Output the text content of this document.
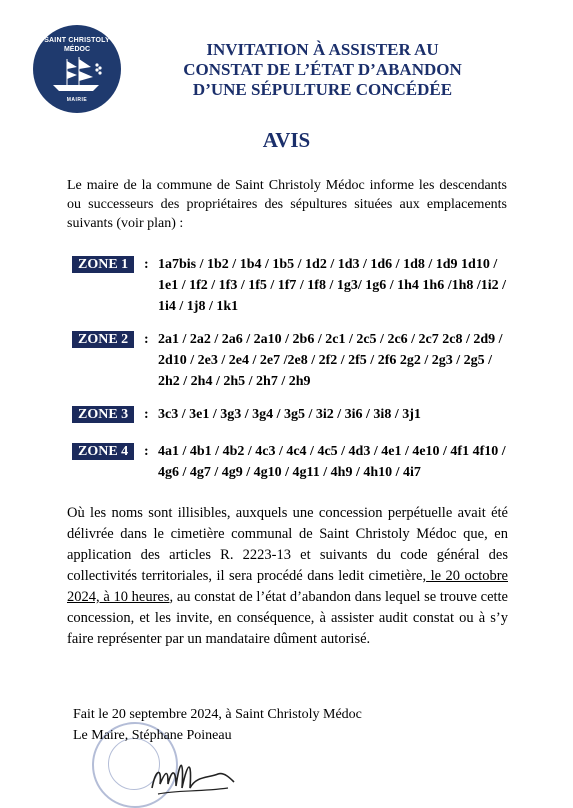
SAINT CHRISTOLY
MÉDOC
MAIRIE
INVITATION À ASSISTER AU
CONSTAT DE L’ÉTAT D’ABANDON
D’UNE SÉPULTURE CONCÉDÉE
AVIS
Le maire de la commune de Saint Christoly Médoc informe les descendants ou successeurs des propriétaires des sépultures situées aux emplacements suivants (voir plan) :
ZONE 1	: 1a7bis / 1b2 / 1b4 / 1b5 / 1d2 / 1d3 / 1d6 / 1d8 / 1d9 1d10 / 1e1 / 1f2 / 1f3 / 1f5 / 1f7 / 1f8 / 1g3/ 1g6 / 1h4 1h6 /1h8 /1i2 / 1i4 / 1j8 / 1k1
ZONE 2	: 2a1 / 2a2 / 2a6 / 2a10 / 2b6 / 2c1 / 2c5 / 2c6 / 2c7 2c8 / 2d9 / 2d10 / 2e3 / 2e4 / 2e7 /2e8 / 2f2 / 2f5 / 2f6 2g2 / 2g3 / 2g5 / 2h2 / 2h4 / 2h5 / 2h7 / 2h9
ZONE 3	: 3c3 / 3e1 / 3g3 / 3g4 / 3g5 / 3i2 / 3i6 / 3i8 / 3j1
ZONE 4	: 4a1 / 4b1 / 4b2 / 4c3 / 4c4 / 4c5 / 4d3 / 4e1 / 4e10 / 4f1 4f10 / 4g6 / 4g7 / 4g9 / 4g10 / 4g11 / 4h9 / 4h10 / 4i7
Où les noms sont illisibles, auxquels une concession perpétuelle avait été délivrée dans le cimetière communal de Saint Christoly Médoc que, en application des articles R. 2223-13 et suivants du code général des collectivités territoriales, il sera procédé dans ledit cimetière, le 20 octobre 2024, à 10 heures, au constat de l’état d’abandon dans lequel se trouve cette concession, et les invite, en conséquence, à assister audit constat ou à s’y faire représenter par un mandataire dûment autorisé.
Fait le 20 septembre 2024, à Saint Christoly Médoc
Le Maire, Stéphane Poineau
